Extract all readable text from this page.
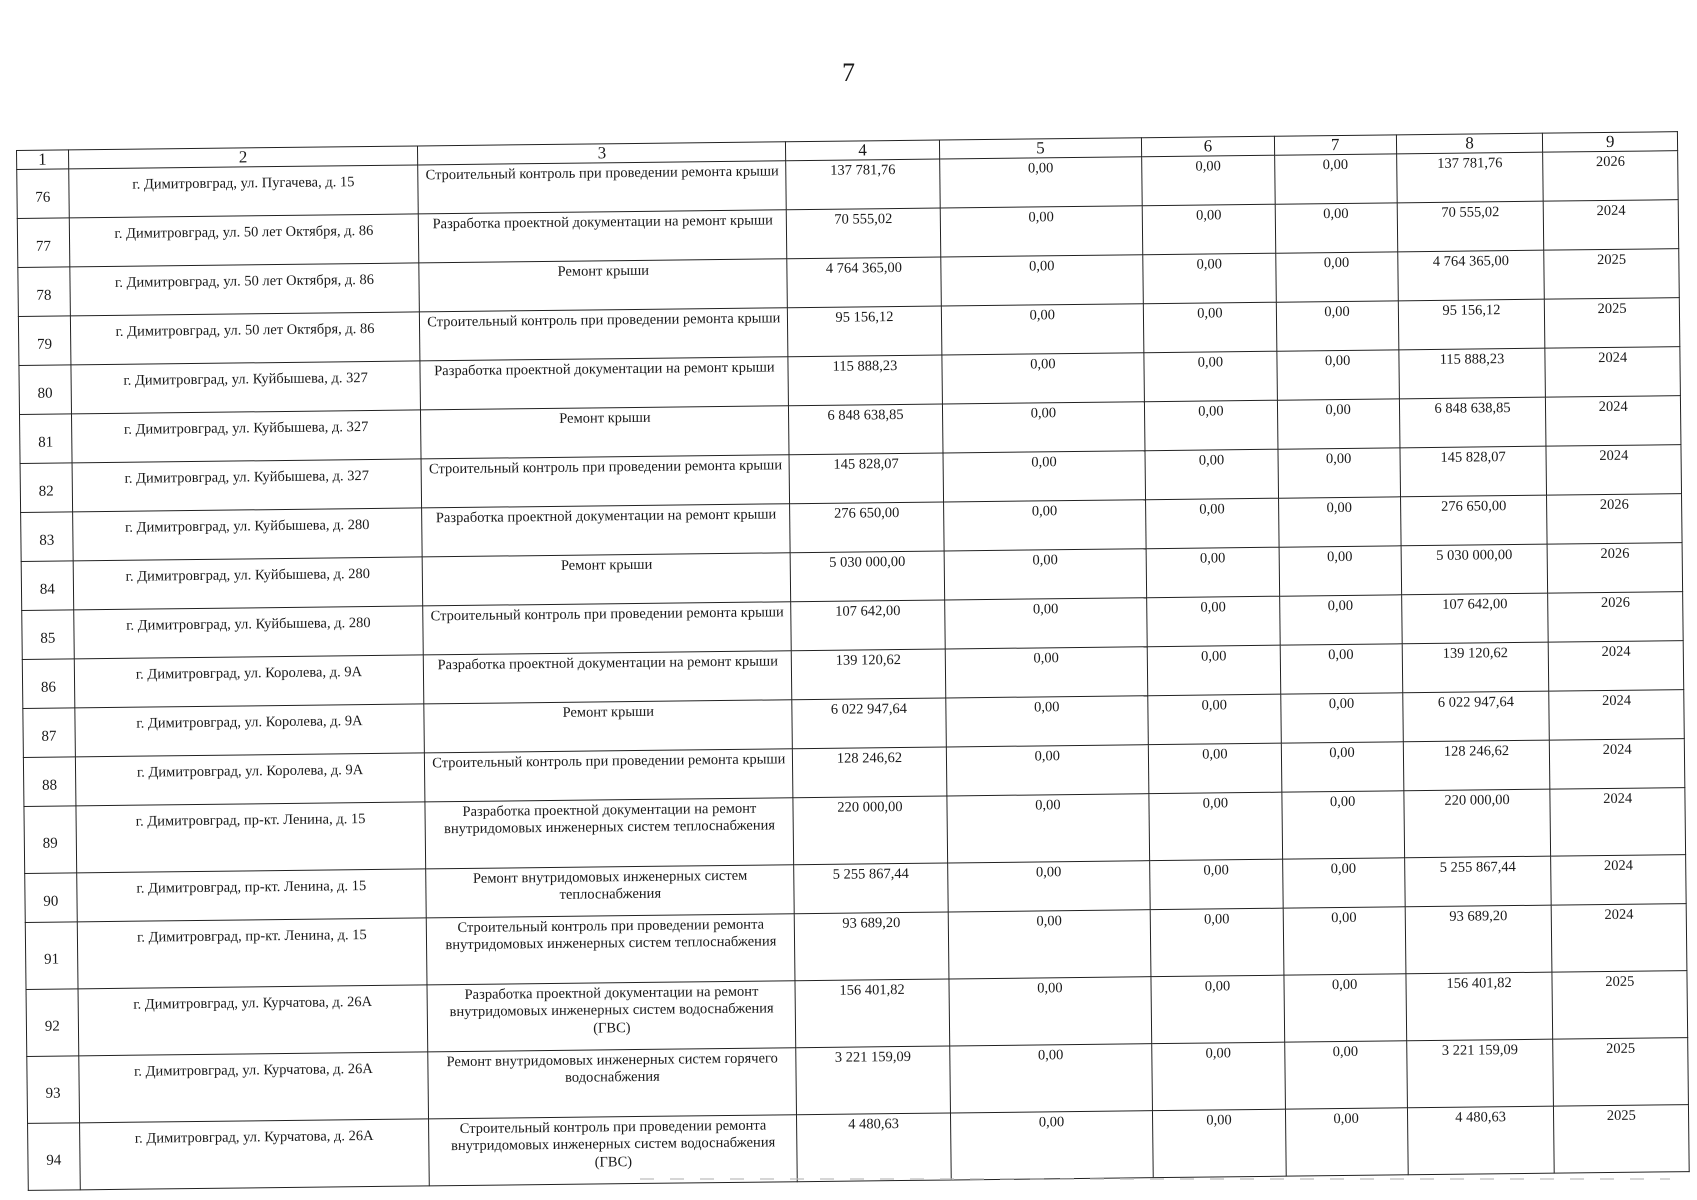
7
1	2	3	4	5	6	7	8	9
76	г. Димитровград, ул. Пугачева, д. 15	Строительный контроль при проведении ремонта крыши	137 781,76	0,00	0,00	0,00	137 781,76	2026
77	г. Димитровград, ул. 50 лет Октября, д. 86	Разработка проектной документации на ремонт крыши	70 555,02	0,00	0,00	0,00	70 555,02	2024
78	г. Димитровград, ул. 50 лет Октября, д. 86	Ремонт крыши	4 764 365,00	0,00	0,00	0,00	4 764 365,00	2025
79	г. Димитровград, ул. 50 лет Октября, д. 86	Строительный контроль при проведении ремонта крыши	95 156,12	0,00	0,00	0,00	95 156,12	2025
80	г. Димитровград, ул. Куйбышева, д. 327	Разработка проектной документации на ремонт крыши	115 888,23	0,00	0,00	0,00	115 888,23	2024
81	г. Димитровград, ул. Куйбышева, д. 327	Ремонт крыши	6 848 638,85	0,00	0,00	0,00	6 848 638,85	2024
82	г. Димитровград, ул. Куйбышева, д. 327	Строительный контроль при проведении ремонта крыши	145 828,07	0,00	0,00	0,00	145 828,07	2024
83	г. Димитровград, ул. Куйбышева, д. 280	Разработка проектной документации на ремонт крыши	276 650,00	0,00	0,00	0,00	276 650,00	2026
84	г. Димитровград, ул. Куйбышева, д. 280	Ремонт крыши	5 030 000,00	0,00	0,00	0,00	5 030 000,00	2026
85	г. Димитровград, ул. Куйбышева, д. 280	Строительный контроль при проведении ремонта крыши	107 642,00	0,00	0,00	0,00	107 642,00	2026
86	г. Димитровград, ул. Королева, д. 9А	Разработка проектной документации на ремонт крыши	139 120,62	0,00	0,00	0,00	139 120,62	2024
87	г. Димитровград, ул. Королева, д. 9А	Ремонт крыши	6 022 947,64	0,00	0,00	0,00	6 022 947,64	2024
88	г. Димитровград, ул. Королева, д. 9А	Строительный контроль при проведении ремонта крыши	128 246,62	0,00	0,00	0,00	128 246,62	2024
89	г. Димитровград, пр-кт. Ленина, д. 15	Разработка проектной документации на ремонт внутридомовых инженерных систем теплоснабжения	220 000,00	0,00	0,00	0,00	220 000,00	2024
90	г. Димитровград, пр-кт. Ленина, д. 15	Ремонт внутридомовых инженерных систем теплоснабжения	5 255 867,44	0,00	0,00	0,00	5 255 867,44	2024
91	г. Димитровград, пр-кт. Ленина, д. 15	Строительный контроль при проведении ремонта внутридомовых инженерных систем теплоснабжения	93 689,20	0,00	0,00	0,00	93 689,20	2024
92	г. Димитровград, ул. Курчатова, д. 26А	Разработка проектной документации на ремонт внутридомовых инженерных систем водоснабжения (ГВС)	156 401,82	0,00	0,00	0,00	156 401,82	2025
93	г. Димитровград, ул. Курчатова, д. 26А	Ремонт внутридомовых инженерных систем горячего водоснабжения	3 221 159,09	0,00	0,00	0,00	3 221 159,09	2025
94	г. Димитровград, ул. Курчатова, д. 26А	Строительный контроль при проведении ремонта внутридомовых инженерных систем водоснабжения (ГВС)	4 480,63	0,00	0,00	0,00	4 480,63	2025
